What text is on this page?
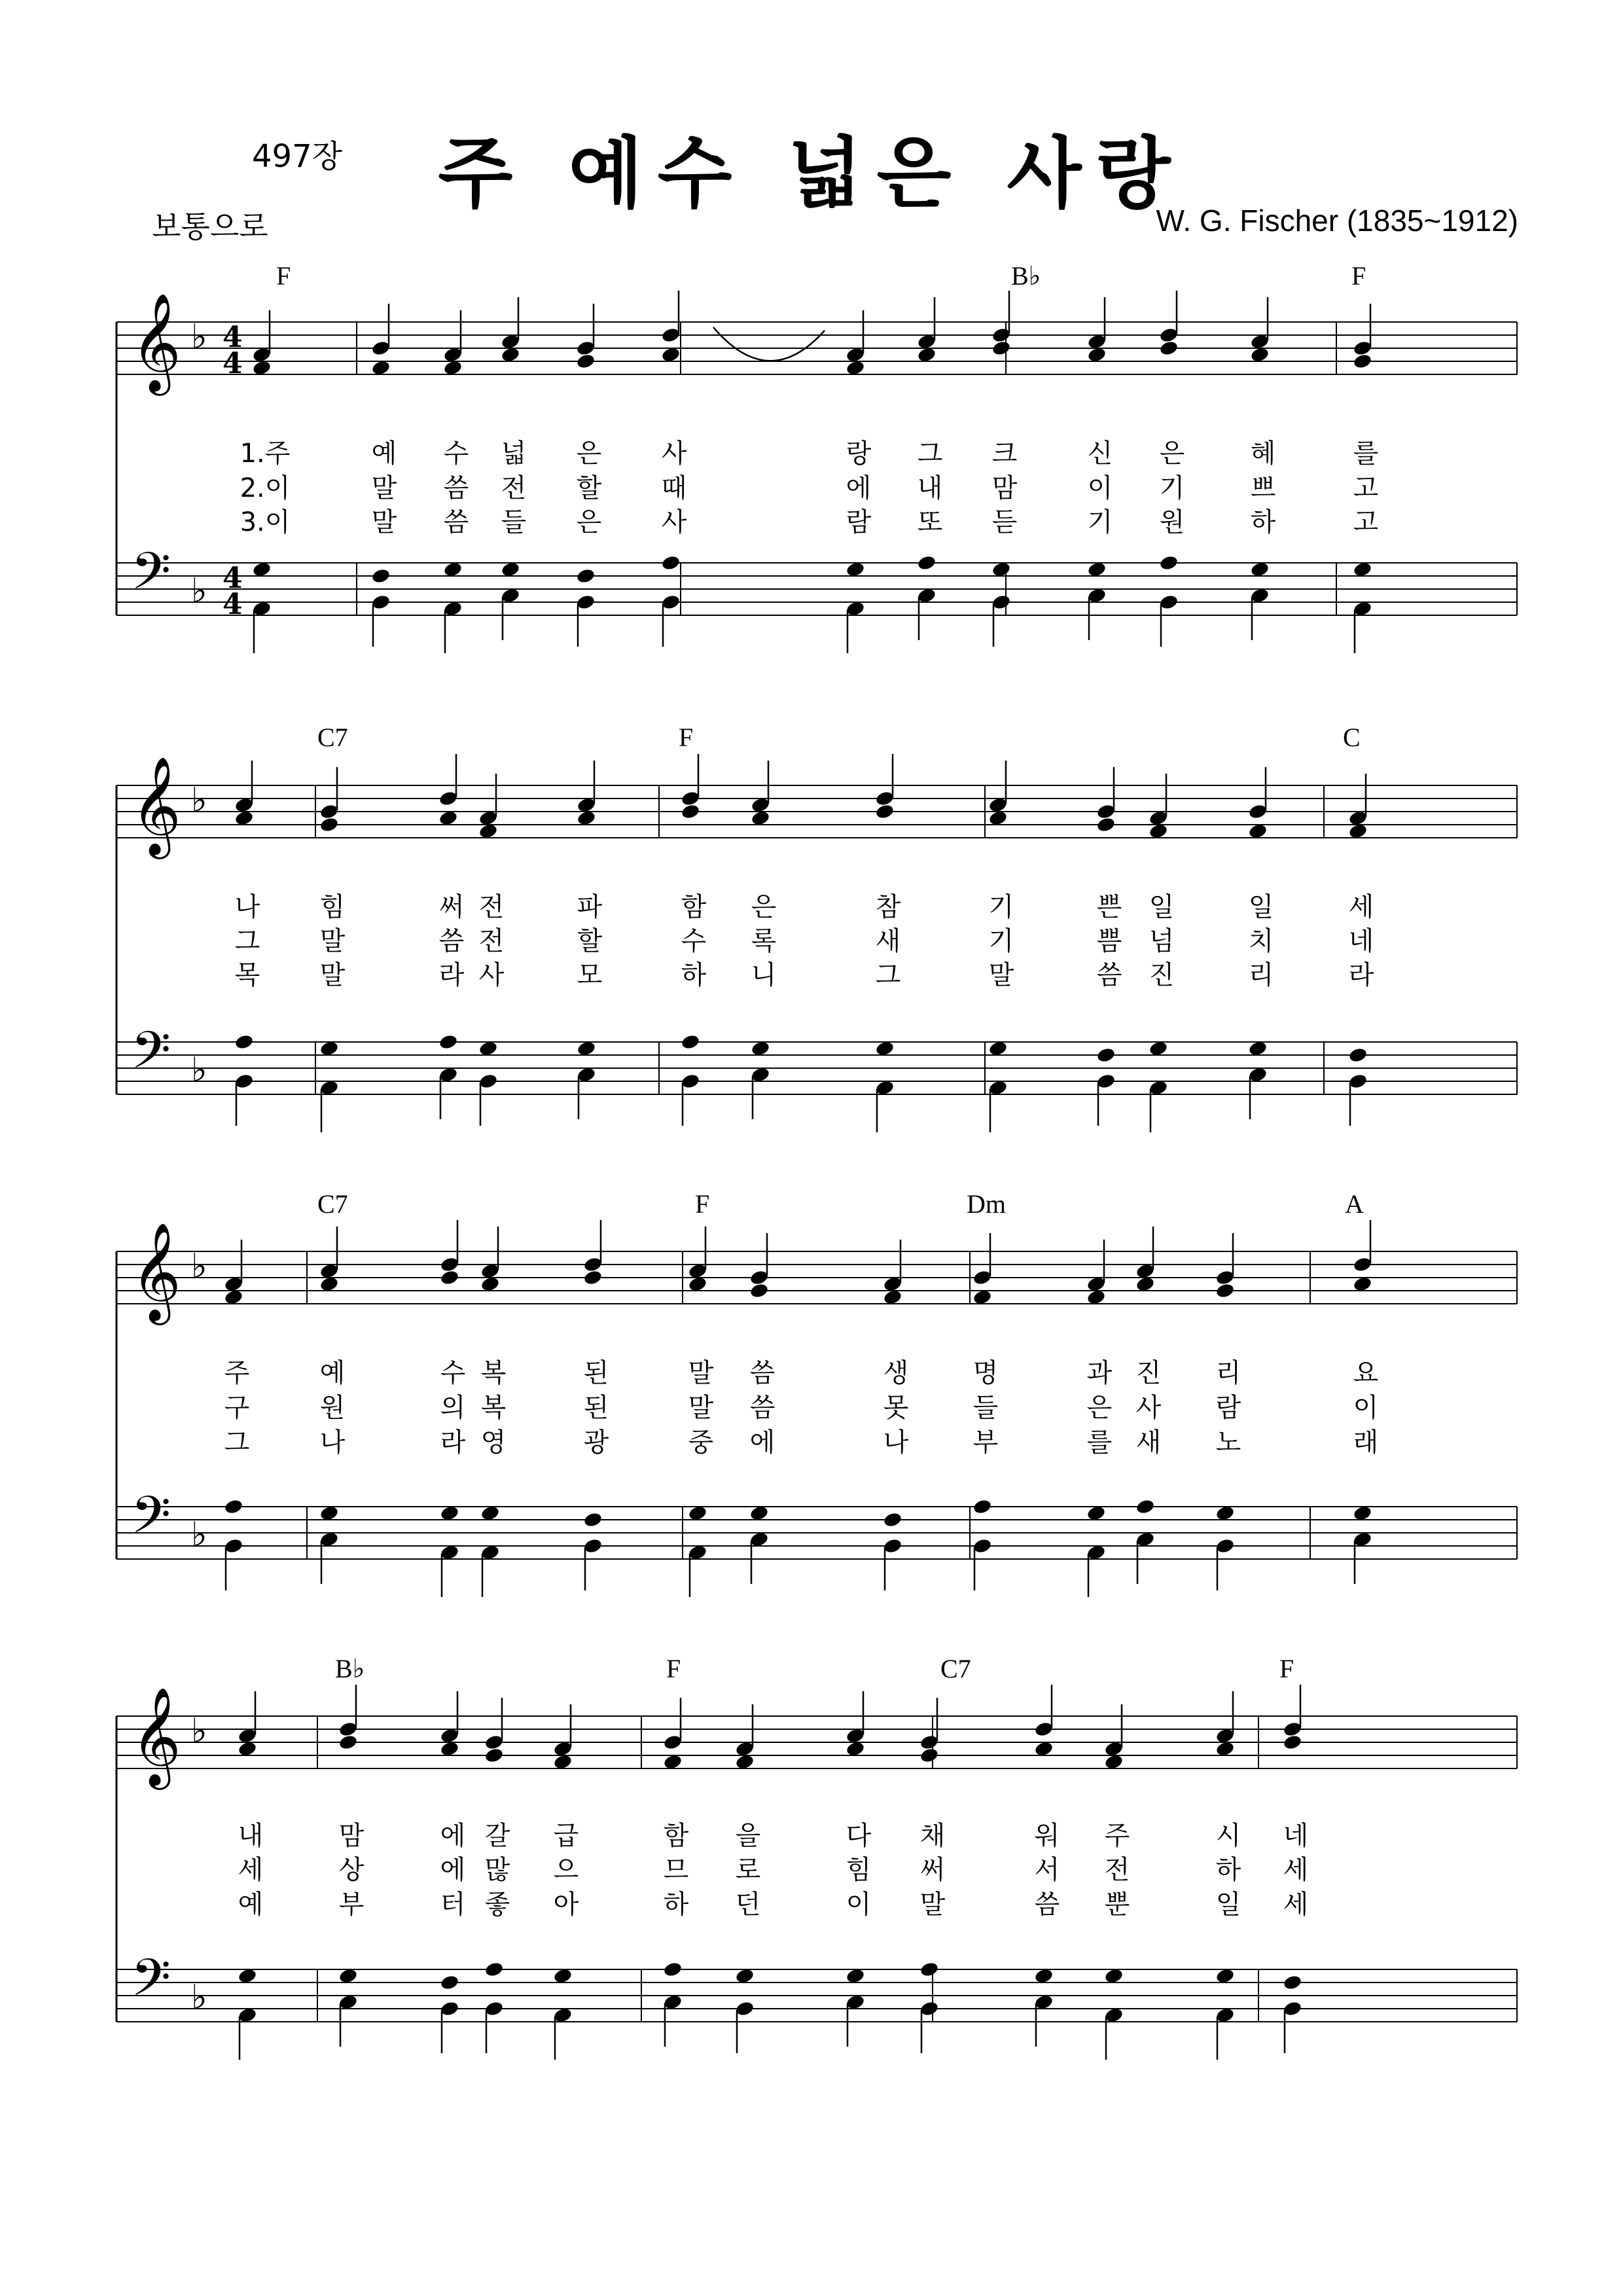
497장	주 예수 넓은 사랑
보통으로	W. G. Fischer (1835~1912)
𝄞
𝄢
♭
♭
4
4
4
4
𝄞
𝄢
♭
♭
𝄞
𝄢
♭
♭
𝄞
𝄢
♭
♭
F	B♭	F
1.주	예 수 넓 은 사	랑 그 크	신 은	혜	를
2.이	말 씀 전 할 때	에 내 맘	이 기	쁘	고
3.이	말 씀 들 은 사	람 또 듣	기 원	하	고
C7	F	C
나 힘	써 전	파	함 은	참	기	쁜 일	일	세
그 말	씀 전	할	수 록	새	기	쁨 넘	치	네
목 말	라 사	모	하 니	그	말	씀 진	리	라
C7	F	Dm	A
주	예	수 복	된	말 씀	생 명	과 진 리	요
구	원	의 복	된	말 씀	못 들	은 사 람	이
그	나	라 영	광	중 에	나 부	를 새 노	래
B♭	F	C7	F
내	맘	에 갈 급	함 을	다 채	워 주	시 네
세	상	에 많 으	므 로	힘 써	서 전	하 세
예	부	터 좋 아	하 던	이 말	씀 뿐	일 세
